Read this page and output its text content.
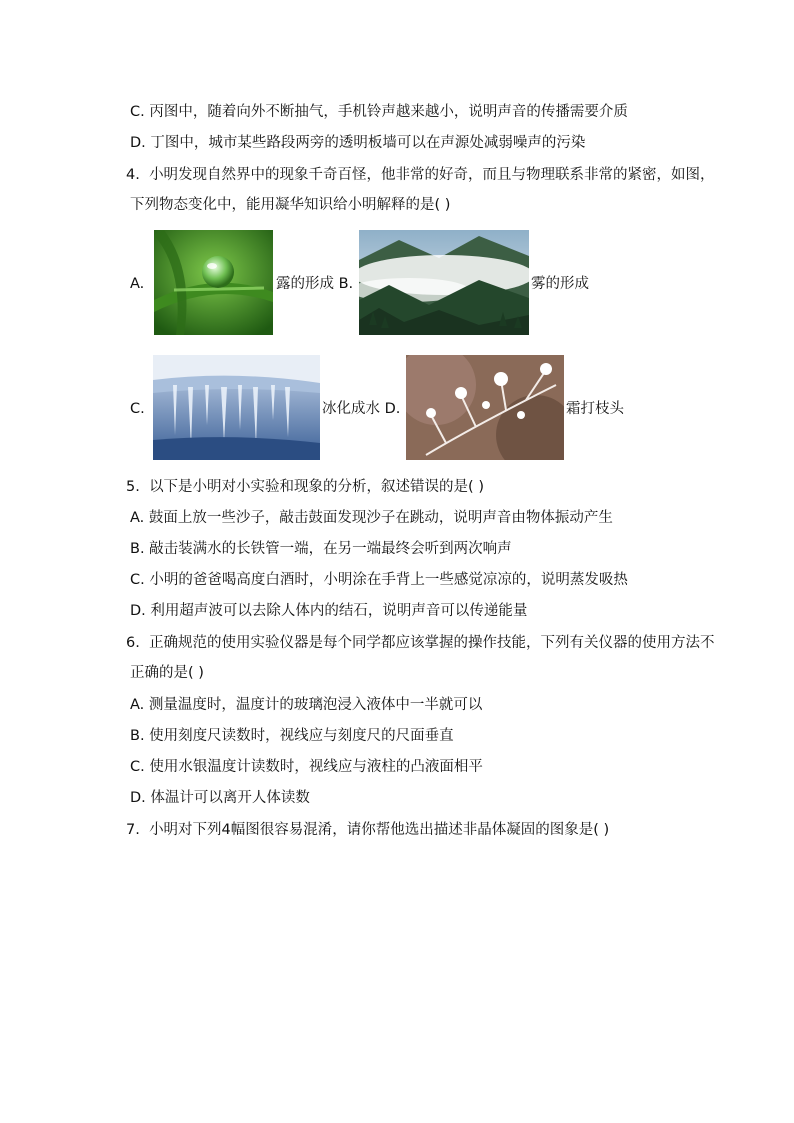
C. 丙图中，随着向外不断抽气，手机铃声越来越小，说明声音的传播需要介质
D. 丁图中，城市某些路段两旁的透明板墙可以在声源处减弱噪声的污染
4. 小明发现自然界中的现象千奇百怪，他非常的好奇，而且与物理联系非常的紧密，如图，
下列物态变化中，能用凝华知识给小明解释的是( )
A.	露的形成 B.	雾的形成
C.	冰化成水 D.	霜打枝头
5. 以下是小明对小实验和现象的分析，叙述错误的是( )
A. 鼓面上放一些沙子，敲击鼓面发现沙子在跳动，说明声音由物体振动产生
B. 敲击装满水的长铁管一端，在另一端最终会听到两次响声
C. 小明的爸爸喝高度白酒时，小明涂在手背上一些感觉凉凉的，说明蒸发吸热
D. 利用超声波可以去除人体内的结石，说明声音可以传递能量
6. 正确规范的使用实验仪器是每个同学都应该掌握的操作技能，下列有关仪器的使用方法不
正确的是( )
A. 测量温度时，温度计的玻璃泡浸入液体中一半就可以
B. 使用刻度尺读数时，视线应与刻度尺的尺面垂直
C. 使用水银温度计读数时，视线应与液柱的凸液面相平
D. 体温计可以离开人体读数
7. 小明对下列4幅图很容易混淆，请你帮他选出描述非晶体凝固的图象是( )
